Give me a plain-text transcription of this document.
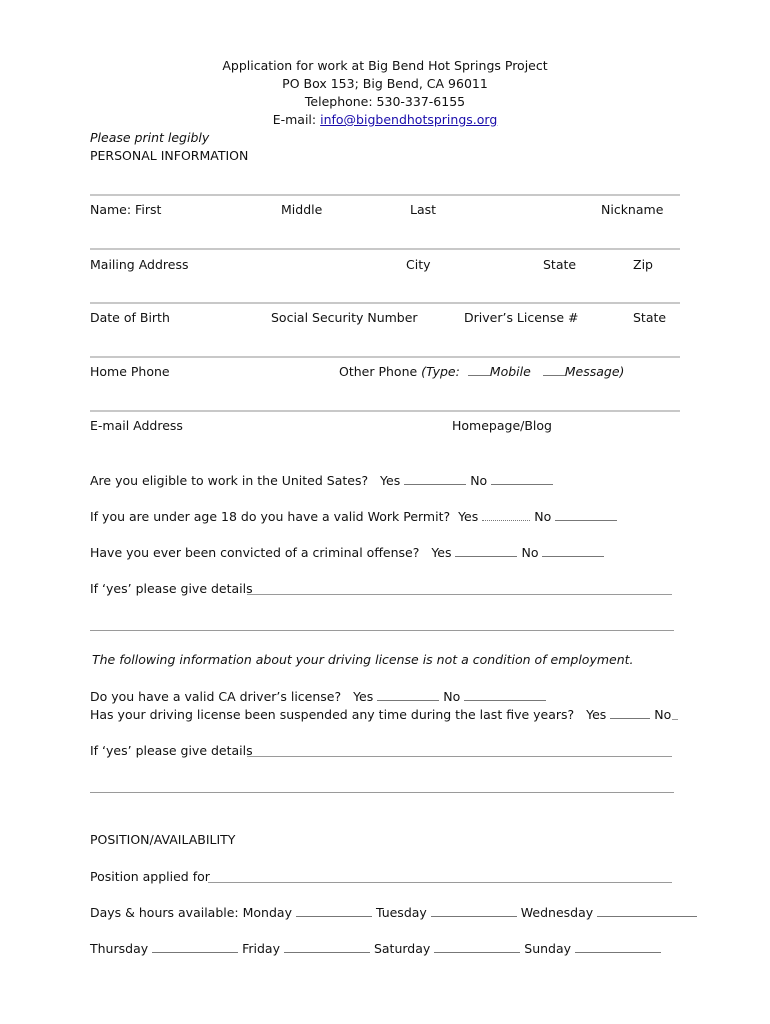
Application for work at Big Bend Hot Springs Project
PO Box 153; Big Bend, CA 96011
Telephone: 530-337-6155
E-mail: info@bigbendhotsprings.org
Please print legibly
PERSONAL INFORMATION
Name: First	Middle	Last	Nickname
Mailing Address	City	State	Zip
Date of Birth	Social Security Number	Driver’s License #	State
Home Phone	Other Phone (Type: Mobile	Message)
E-mail Address	Homepage/Blog
Are you eligible to work in the United Sates? Yes	No
If you are under age 18 do you have a valid Work Permit? Yes	No
Have you ever been convicted of a criminal offense? Yes	No
If ‘yes’ please give details
The following information about your driving license is not a condition of employment.
Do you have a valid CA driver’s license? Yes	No
Has your driving license been suspended any time during the last five years? Yes	No
If ‘yes’ please give details
POSITION/AVAILABILITY
Position applied for
Days & hours available: Monday	Tuesday	Wednesday
Thursday	Friday	Saturday	Sunday
